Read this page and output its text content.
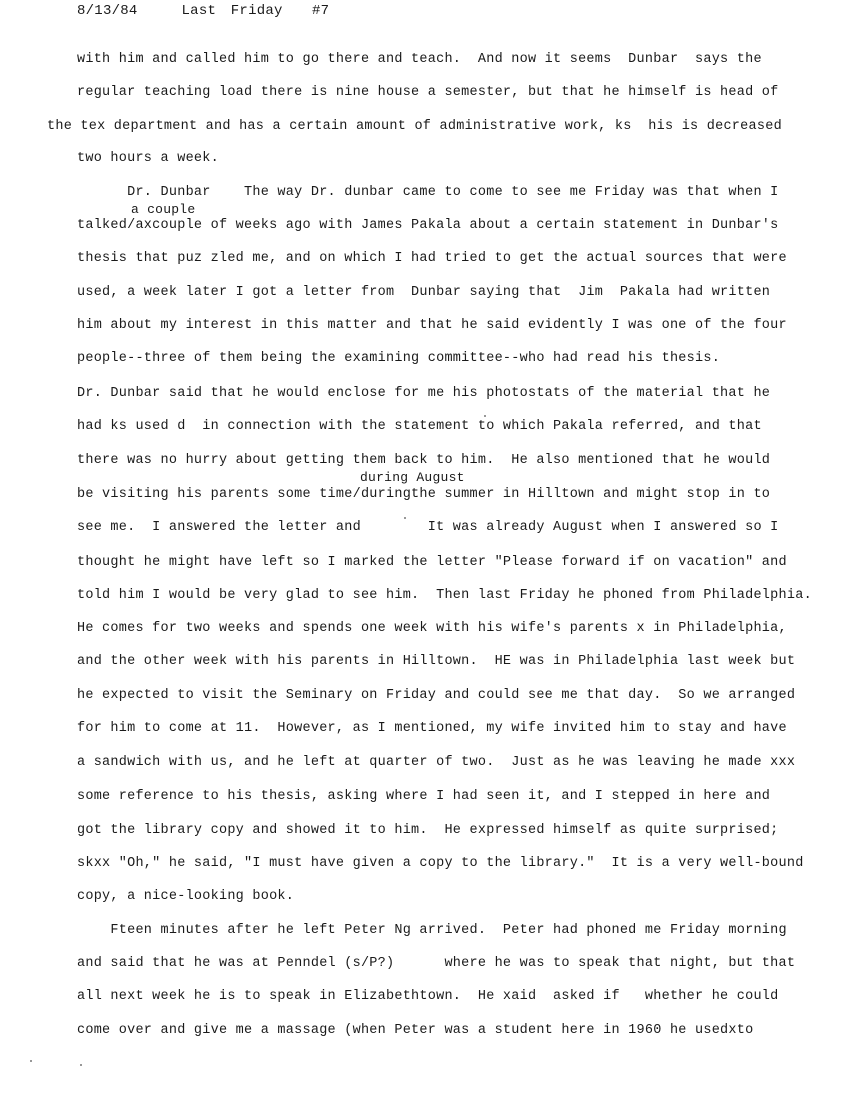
8/13/84   Last Friday  #7
with him and called him to go there and teach.  And now it seems  Dunbar  says the
regular teaching load there is nine house a semester, but that he himself is head of
the tex department and has a certain amount of administrative work, ks  his is decreased
two hours a week.
Dr. Dunbar    The way Dr. dunbar came to come to see me Friday was that when I
a couple
talked/axcouple of weeks ago with James Pakala about a certain statement in Dunbar's
thesis that puz zled me, and on which I had tried to get the actual sources that were
used, a week later I got a letter from  Dunbar saying that  Jim  Pakala had written
him about my interest in this matter and that he said evidently I was one of the four
people--three of them being the examining committee--who had read his thesis.
Dr. Dunbar said that he would enclose for me his photostats of the material that he
had ks used d  in connection with the statement to which Pakala referred, and that
there was no hurry about getting them back to him.  He also mentioned that he would
during August
be visiting his parents some time/duringthe summer in Hilltown and might stop in to
see me.  I answered the letter and        It was already August when I answered so I
thought he might have left so I marked the letter "Please forward if on vacation" and
told him I would be very glad to see him.  Then last Friday he phoned from Philadelphia.
He comes for two weeks and spends one week with his wife's parents x in Philadelphia,
and the other week with his parents in Hilltown.  HE was in Philadelphia last week but
he expected to visit the Seminary on Friday and could see me that day.  So we arranged
for him to come at 11.  However, as I mentioned, my wife invited him to stay and have
a sandwich with us, and he left at quarter of two.  Just as he was leaving he made xxx
some reference to his thesis, asking where I had seen it, and I stepped in here and
got the library copy and showed it to him.  He expressed himself as quite surprised;
skxx "Oh," he said, "I must have given a copy to the library."  It is a very well-bound
copy, a nice-looking book.
Fteen minutes after he left Peter Ng arrived.  Peter had phoned me Friday morning
and said that he was at Penndel (s/P?)      where he was to speak that night, but that
all next week he is to speak in Elizabethtown.  He xaid  asked if   whether he could
come over and give me a massage (when Peter was a student here in 1960 he usedxto
